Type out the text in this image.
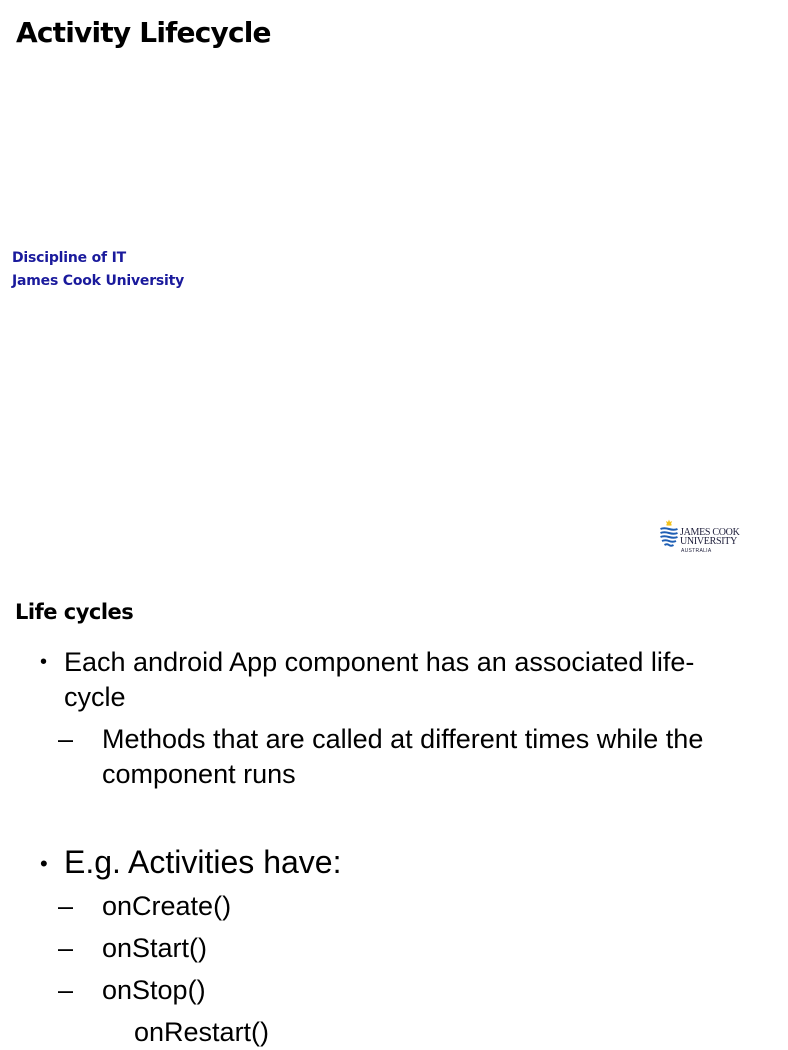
Activity Lifecycle
Discipline of IT
James Cook University
JAMES COOK
UNIVERSITY
AUSTRALIA
Life cycles
• Each android App component has an associated life-cycle
– Methods that are called at different times while the component runs
• E.g. Activities have:
– onCreate()
– onStart()
– onStop()
onRestart()
